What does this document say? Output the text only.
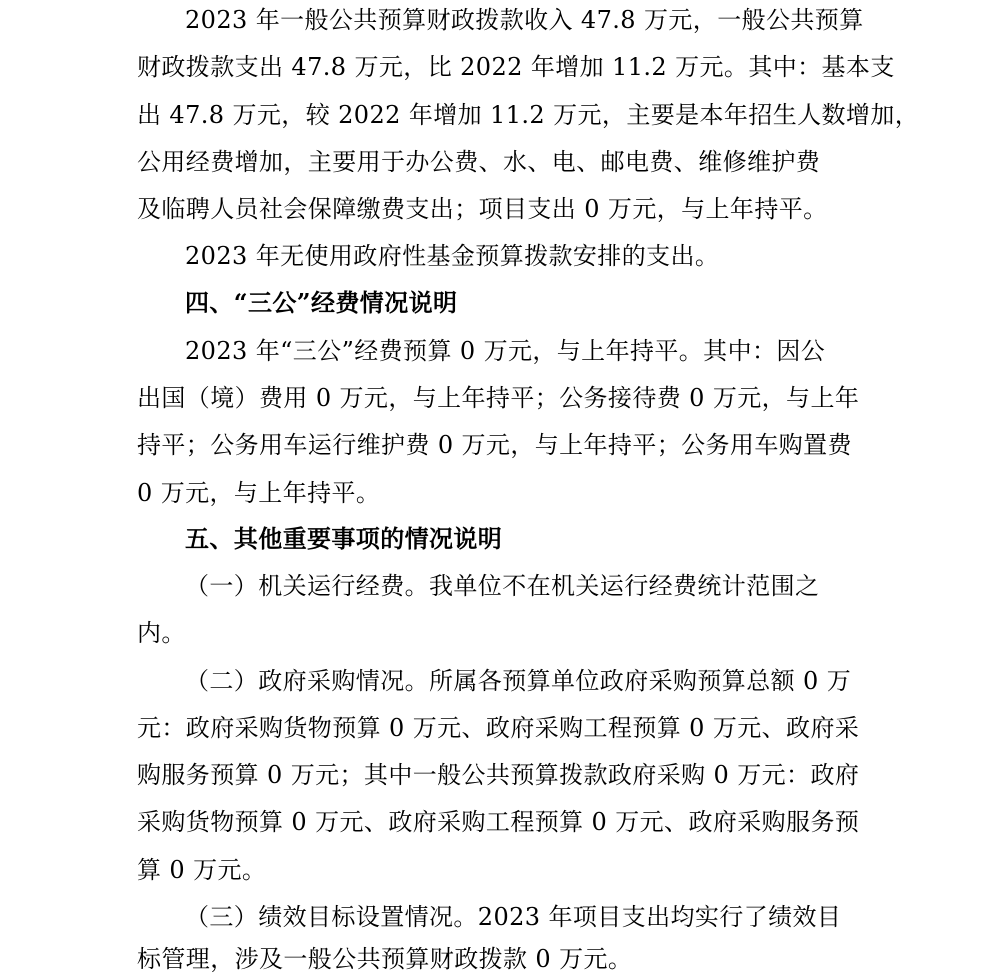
2023 年一般公共预算财政拨款收入 47.8 万元，一般公共预算
财政拨款支出 47.8 万元，比 2022 年增加 11.2 万元。其中：基本支
出 47.8 万元，较 2022 年增加 11.2 万元，主要是本年招生人数增加，
公用经费增加，主要用于办公费、水、电、邮电费、维修维护费
及临聘人员社会保障缴费支出；项目支出 0 万元，与上年持平。
2023 年无使用政府性基金预算拨款安排的支出。
四、“三公”经费情况说明
2023 年“三公”经费预算 0 万元，与上年持平。其中：因公
出国（境）费用 0 万元，与上年持平；公务接待费 0 万元，与上年
持平；公务用车运行维护费 0 万元，与上年持平；公务用车购置费
0 万元，与上年持平。
五、其他重要事项的情况说明
（一）机关运行经费。我单位不在机关运行经费统计范围之
内。
（二）政府采购情况。所属各预算单位政府采购预算总额 0 万
元：政府采购货物预算 0 万元、政府采购工程预算 0 万元、政府采
购服务预算 0 万元；其中一般公共预算拨款政府采购 0 万元：政府
采购货物预算 0 万元、政府采购工程预算 0 万元、政府采购服务预
算 0 万元。
（三）绩效目标设置情况。2023 年项目支出均实行了绩效目
标管理，涉及一般公共预算财政拨款 0 万元。
